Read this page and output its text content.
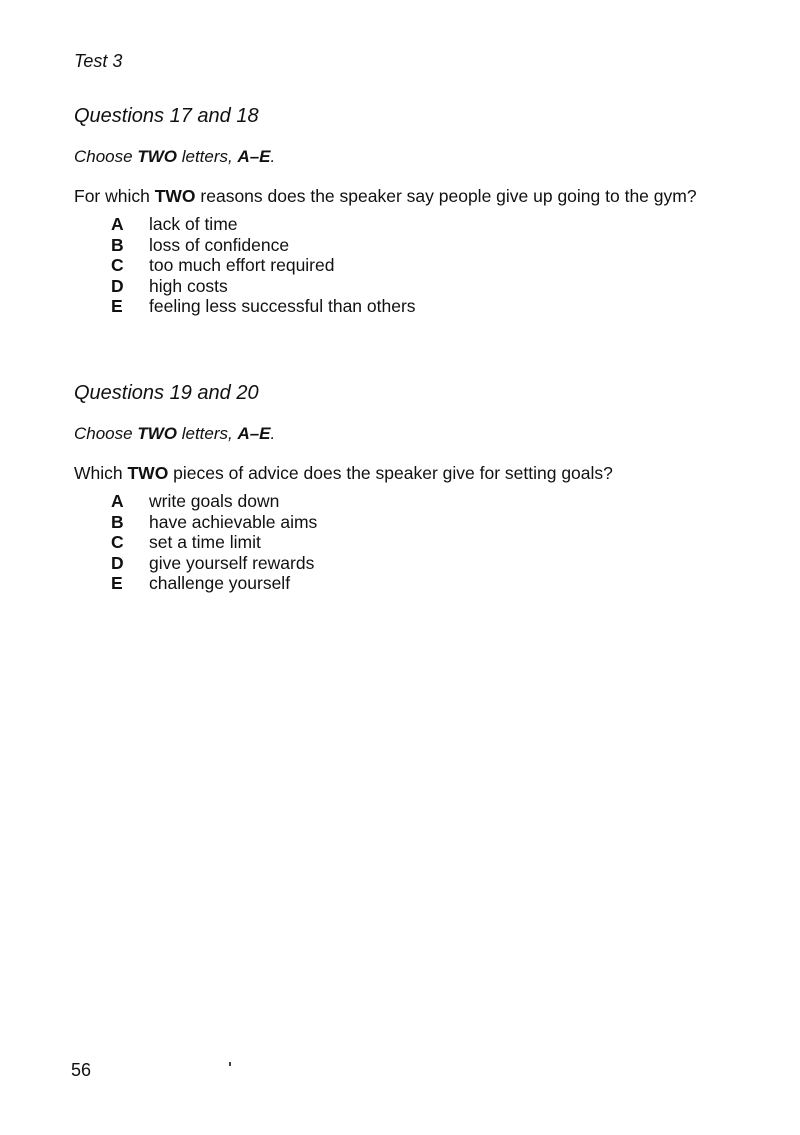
Test 3
Questions 17 and 18
Choose TWO letters, A–E.
For which TWO reasons does the speaker say people give up going to the gym?
A	lack of time
B	loss of confidence
C	too much effort required
D	high costs
E	feeling less successful than others
Questions 19 and 20
Choose TWO letters, A–E.
Which TWO pieces of advice does the speaker give for setting goals?
A	write goals down
B	have achievable aims
C	set a time limit
D	give yourself rewards
E	challenge yourself
56
